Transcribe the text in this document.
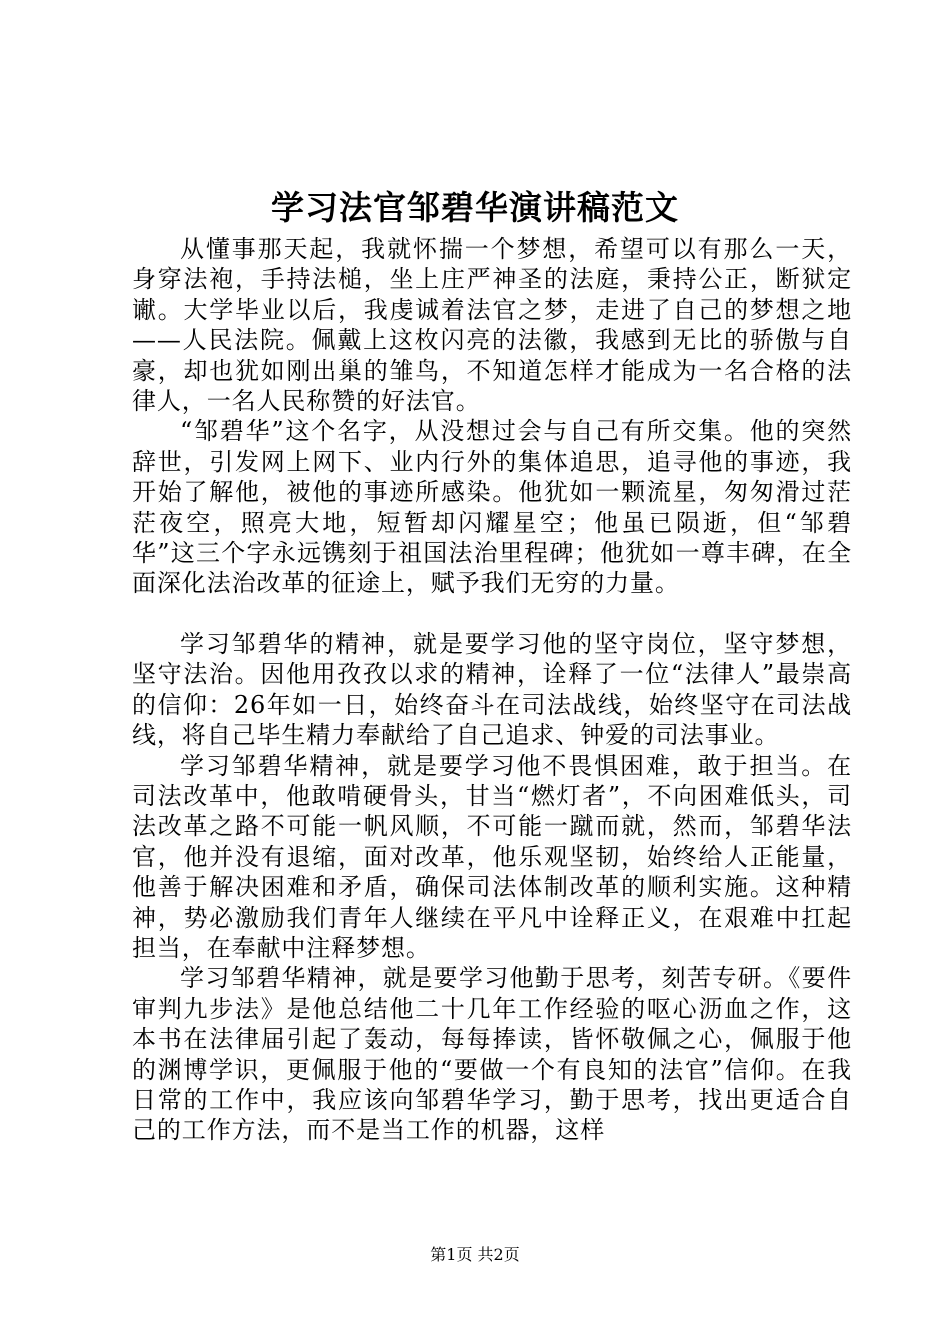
学习法官邹碧华演讲稿范文

从懂事那天起，我就怀揣一个梦想，希望可以有那么一天，身穿法袍，手持法槌，坐上庄严神圣的法庭，秉持公正，断狱定谳。大学毕业以后，我虔诚着法官之梦，走进了自己的梦想之地——人民法院。佩戴上这枚闪亮的法徽，我感到无比的骄傲与自豪，却也犹如刚出巢的雏鸟，不知道怎样才能成为一名合格的法律人，一名人民称赞的好法官。

“邹碧华”这个名字，从没想过会与自己有所交集。他的突然辞世，引发网上网下、业内行外的集体追思，追寻他的事迹，我开始了解他，被他的事迹所感染。他犹如一颗流星，匆匆滑过茫茫夜空，照亮大地，短暂却闪耀星空；他虽已陨逝，但“邹碧华”这三个字永远镌刻于祖国法治里程碑；他犹如一尊丰碑，在全面深化法治改革的征途上，赋予我们无穷的力量。

学习邹碧华的精神，就是要学习他的坚守岗位，坚守梦想，坚守法治。因他用孜孜以求的精神，诠释了一位“法律人”最崇高的信仰：26年如一日，始终奋斗在司法战线，始终坚守在司法战线，将自己毕生精力奉献给了自己追求、钟爱的司法事业。

学习邹碧华精神，就是要学习他不畏惧困难，敢于担当。在司法改革中，他敢啃硬骨头，甘当“燃灯者”，不向困难低头，司法改革之路不可能一帆风顺，不可能一蹴而就，然而，邹碧华法官，他并没有退缩，面对改革，他乐观坚韧，始终给人正能量，他善于解决困难和矛盾，确保司法体制改革的顺利实施。这种精神，势必激励我们青年人继续在平凡中诠释正义，在艰难中扛起担当，在奉献中注释梦想。

学习邹碧华精神，就是要学习他勤于思考，刻苦专研。《要件审判九步法》是他总结他二十几年工作经验的呕心沥血之作，这本书在法律届引起了轰动，每每捧读，皆怀敬佩之心，佩服于他的渊博学识，更佩服于他的“要做一个有良知的法官”信仰。在我日常的工作中，我应该向邹碧华学习，勤于思考，找出更适合自己的工作方法，而不是当工作的机器，这样

第1页 共2页
